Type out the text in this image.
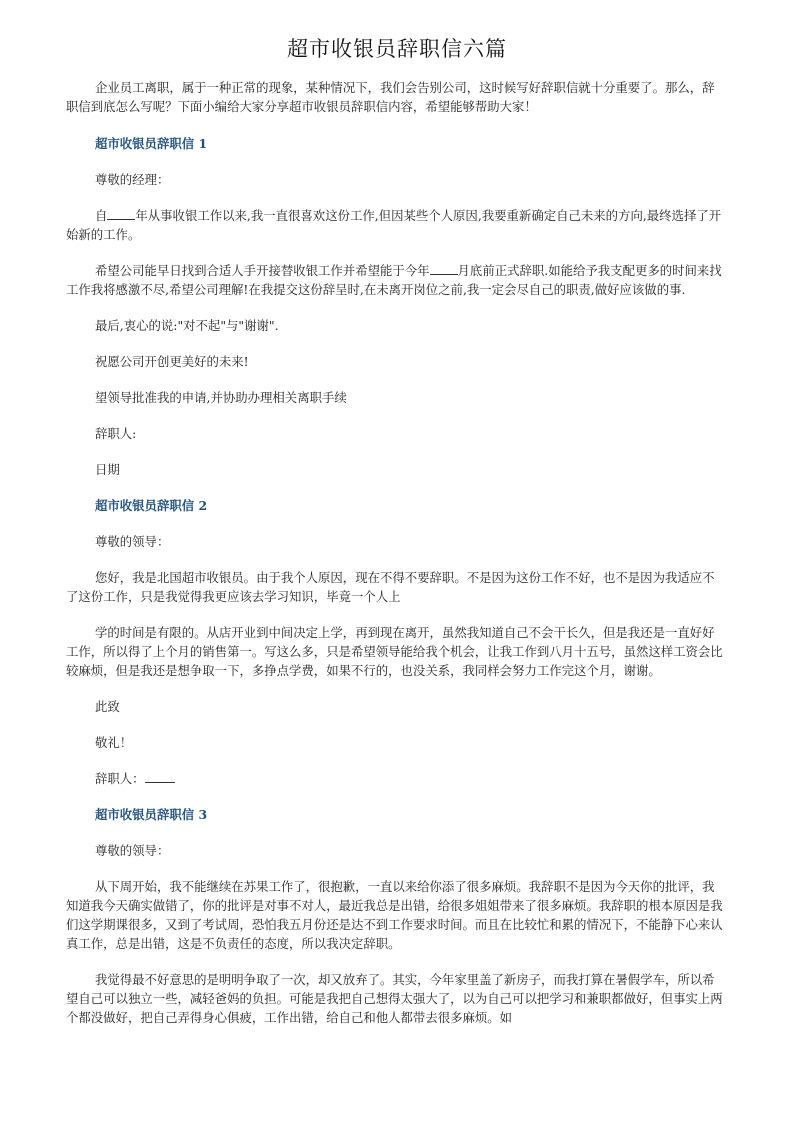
超市收银员辞职信六篇

企业员工离职，属于一种正常的现象，某种情况下，我们会告别公司，这时候写好辞职信就十分重要了。那么，辞职信到底怎么写呢？下面小编给大家分享超市收银员辞职信内容，希望能够帮助大家！

超市收银员辞职信 1

尊敬的经理：

自 年从事收银工作以来,我一直很喜欢这份工作,但因某些个人原因,我要重新确定自己未来的方向,最终选择了开始新的工作。

希望公司能早日找到合适人手开接替收银工作并希望能于今年 月底前正式辞职.如能给予我支配更多的时间来找工作我将感激不尽,希望公司理解!在我提交这份辞呈时,在未离开岗位之前,我一定会尽自己的职责,做好应该做的事.

最后,衷心的说:"对不起"与"谢谢".

祝愿公司开创更美好的未来!

望领导批准我的申请,并协助办理相关离职手续

辞职人:

日期

超市收银员辞职信 2

尊敬的领导：

您好，我是北国超市收银员。由于我个人原因，现在不得不要辞职。不是因为这份工作不好，也不是因为我适应不了这份工作，只是我觉得我更应该去学习知识，毕竟一个人上

学的时间是有限的。从店开业到中间决定上学，再到现在离开，虽然我知道自己不会干长久，但是我还是一直好好工作，所以得了上个月的销售第一。写这么多，只是希望领导能给我个机会，让我工作到八月十五号，虽然这样工资会比较麻烦，但是我还是想争取一下，多挣点学费，如果不行的，也没关系，我同样会努力工作完这个月，谢谢。

此致

敬礼！

辞职人：

超市收银员辞职信 3

尊敬的领导：

从下周开始，我不能继续在苏果工作了，很抱歉，一直以来给你添了很多麻烦。我辞职不是因为今天你的批评，我知道我今天确实做错了，你的批评是对事不对人，最近我总是出错，给很多姐姐带来了很多麻烦。我辞职的根本原因是我们这学期课很多，又到了考试周，恐怕我五月份还是达不到工作要求时间。而且在比较忙和累的情况下，不能静下心来认真工作，总是出错，这是不负责任的态度，所以我决定辞职。

我觉得最不好意思的是明明争取了一次，却又放弃了。其实，今年家里盖了新房子，而我打算在暑假学车，所以希望自己可以独立一些，减轻爸妈的负担。可能是我把自己想得太强大了，以为自己可以把学习和兼职都做好，但事实上两个都没做好，把自己弄得身心俱疲，工作出错，给自己和他人都带去很多麻烦。如
